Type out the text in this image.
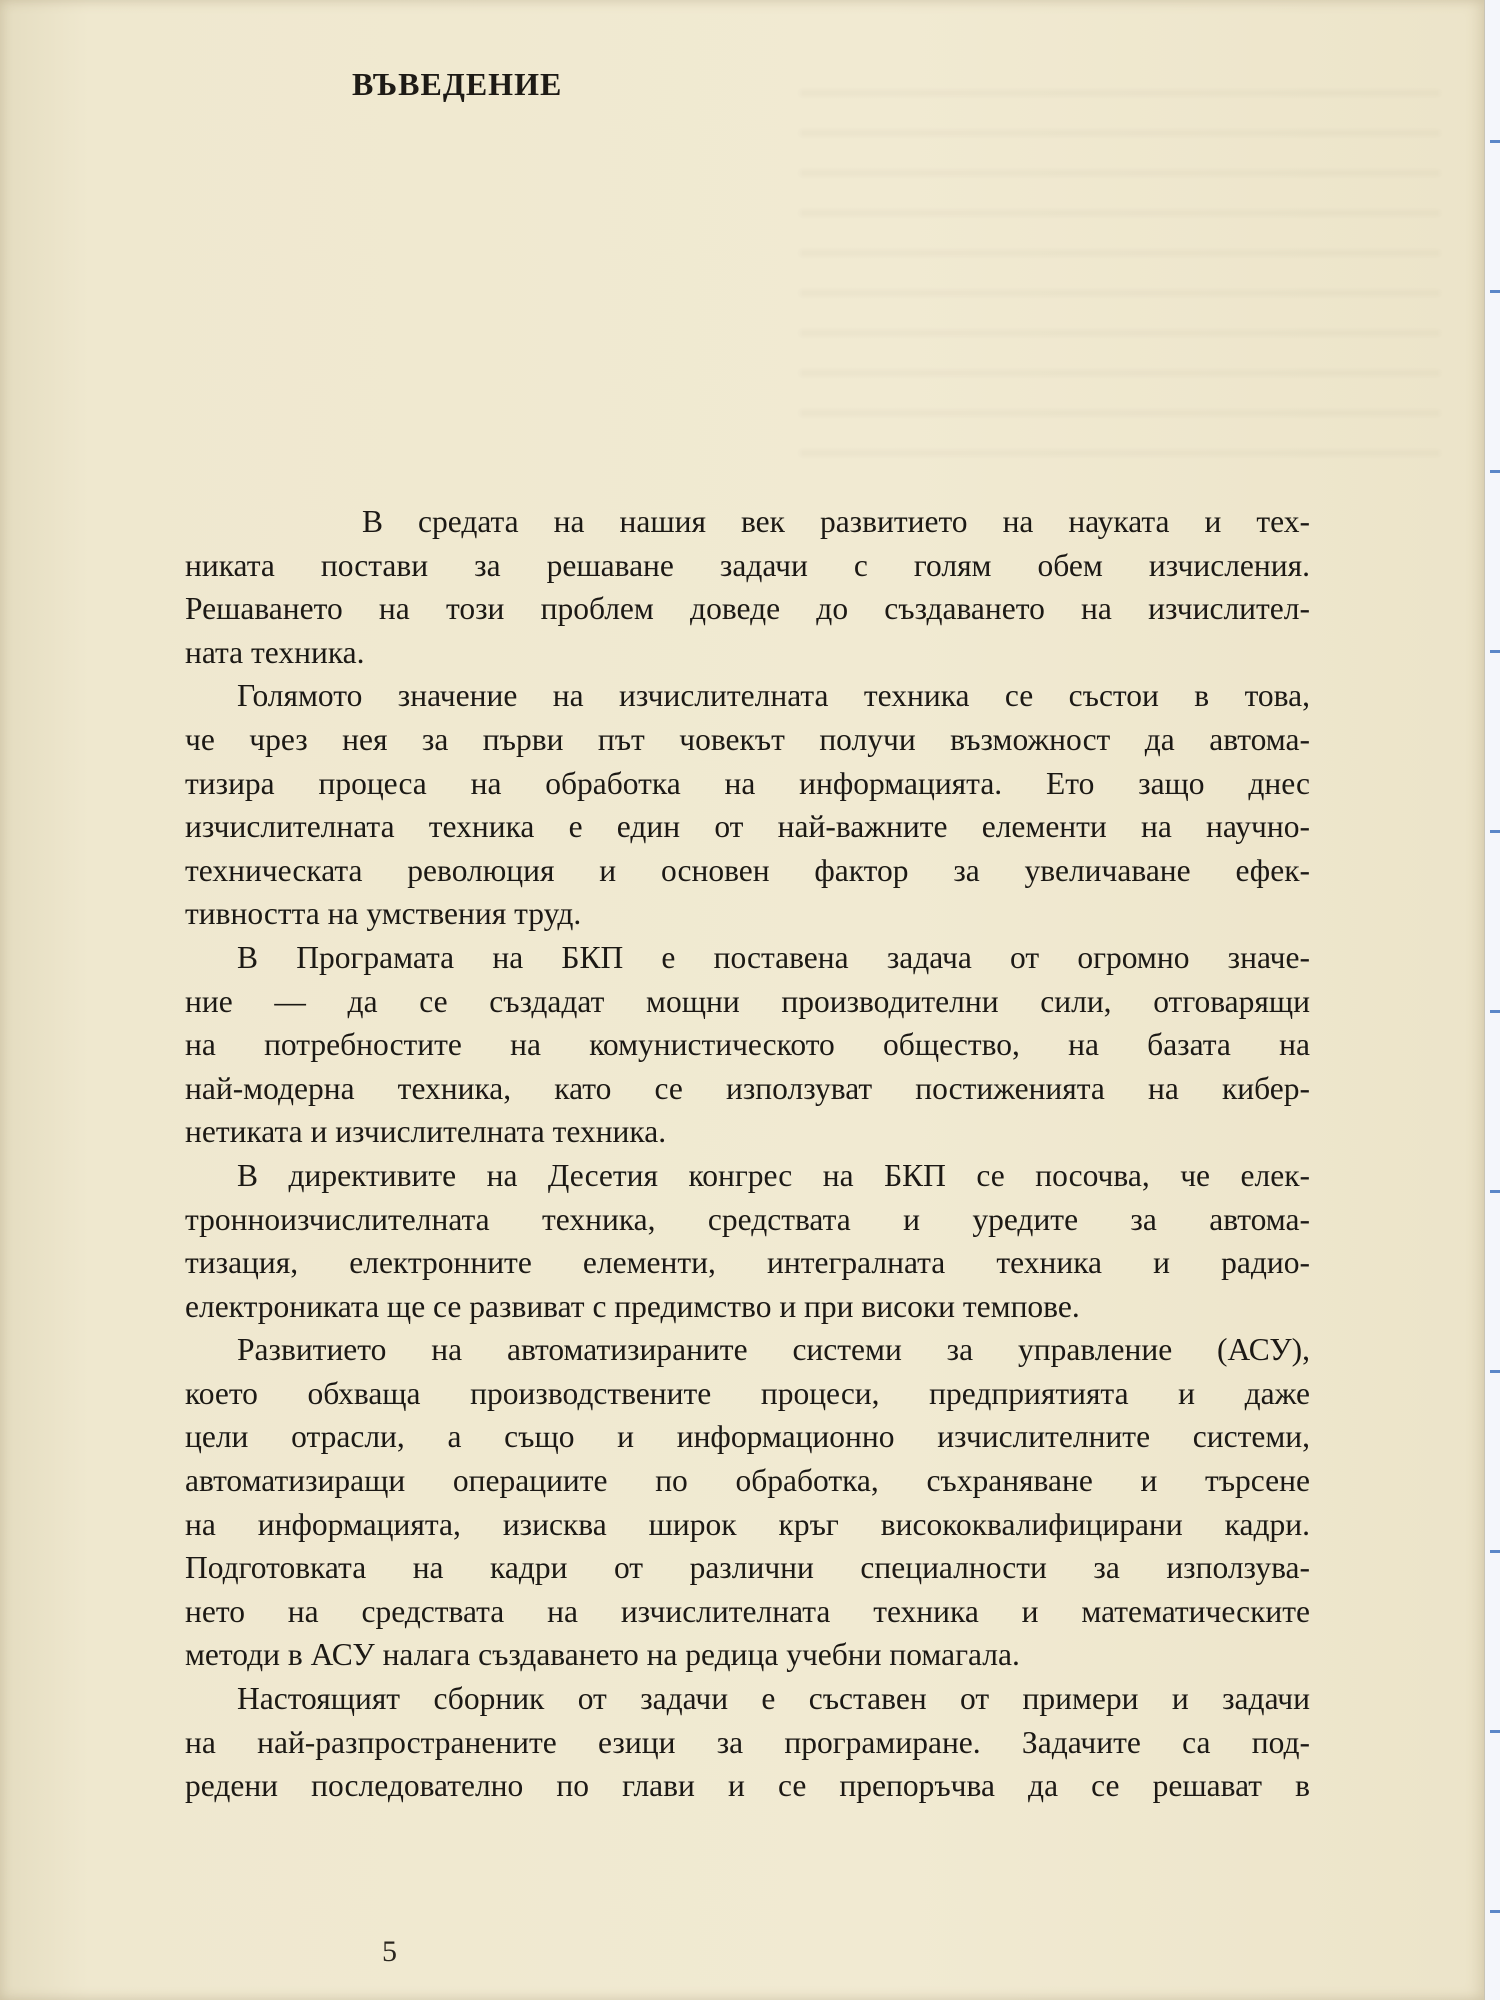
ВЪВЕДЕНИЕ

В средата на нашия век развитието на науката и тех-
никата постави за решаване задачи с голям обем изчисления.
Решаването на този проблем доведе до създаването на изчислител-
ната техника.

Голямото значение на изчислителната техника се състои в това,
че чрез нея за първи път човекът получи възможност да автома-
тизира процеса на обработка на информацията. Ето защо днес
изчислителната техника е един от най-важните елементи на научно-
техническата революция и основен фактор за увеличаване ефек-
тивността на умствения труд.

В Програмата на БКП е поставена задача от огромно значе-
ние — да се създадат мощни производителни сили, отговарящи
на потребностите на комунистическото общество, на базата на
най-модерна техника, като се използуват постиженията на кибер-
нетиката и изчислителната техника.

В директивите на Десетия конгрес на БКП се посочва, че елек-
тронноизчислителната техника, средствата и уредите за автома-
тизация, електронните елементи, интегралната техника и радио-
електрониката ще се развиват с предимство и при високи темпове.

Развитието на автоматизираните системи за управление (АСУ),
което обхваща производствените процеси, предприятията и даже
цели отрасли, а също и информационно изчислителните системи,
автоматизиращи операциите по обработка, съхраняване и търсене
на информацията, изисква широк кръг висококвалифицирани кадри.
Подготовката на кадри от различни специалности за използува-
нето на средствата на изчислителната техника и математическите
методи в АСУ налага създаването на редица учебни помагала.

Настоящият сборник от задачи е съставен от примери и задачи
на най-разпространените езици за програмиране. Задачите са под-
редени последователно по глави и се препоръчва да се решават в

5
